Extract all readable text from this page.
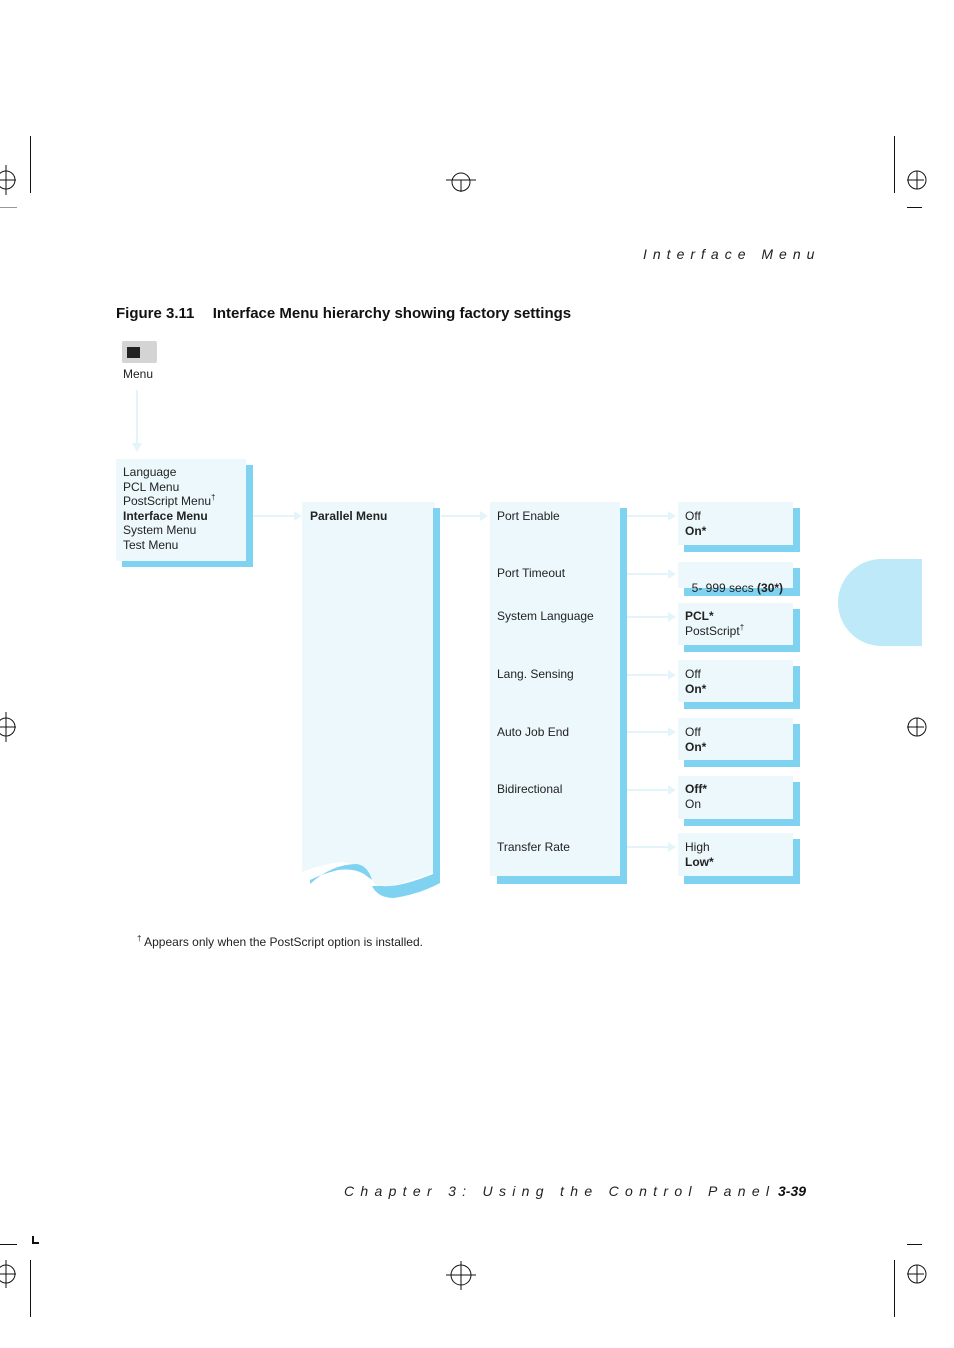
Interface Menu
Figure 3.11 Interface Menu hierarchy showing factory settings
Menu
Language
PCL Menu
PostScript Menu†
Interface Menu
System Menu
Test Menu
Parallel Menu	Port Enable
Port Timeout
System Language
Lang. Sensing
Auto Job End
Bidirectional
Transfer Rate
Off
On*

5- 999 secs (30*)

PCL*
PostScript†
Off
On*
Off
On*
Off*
On
High
Low*
† Appears only when the PostScript option is installed.
Chapter 3: Using the Control Panel 3-39
